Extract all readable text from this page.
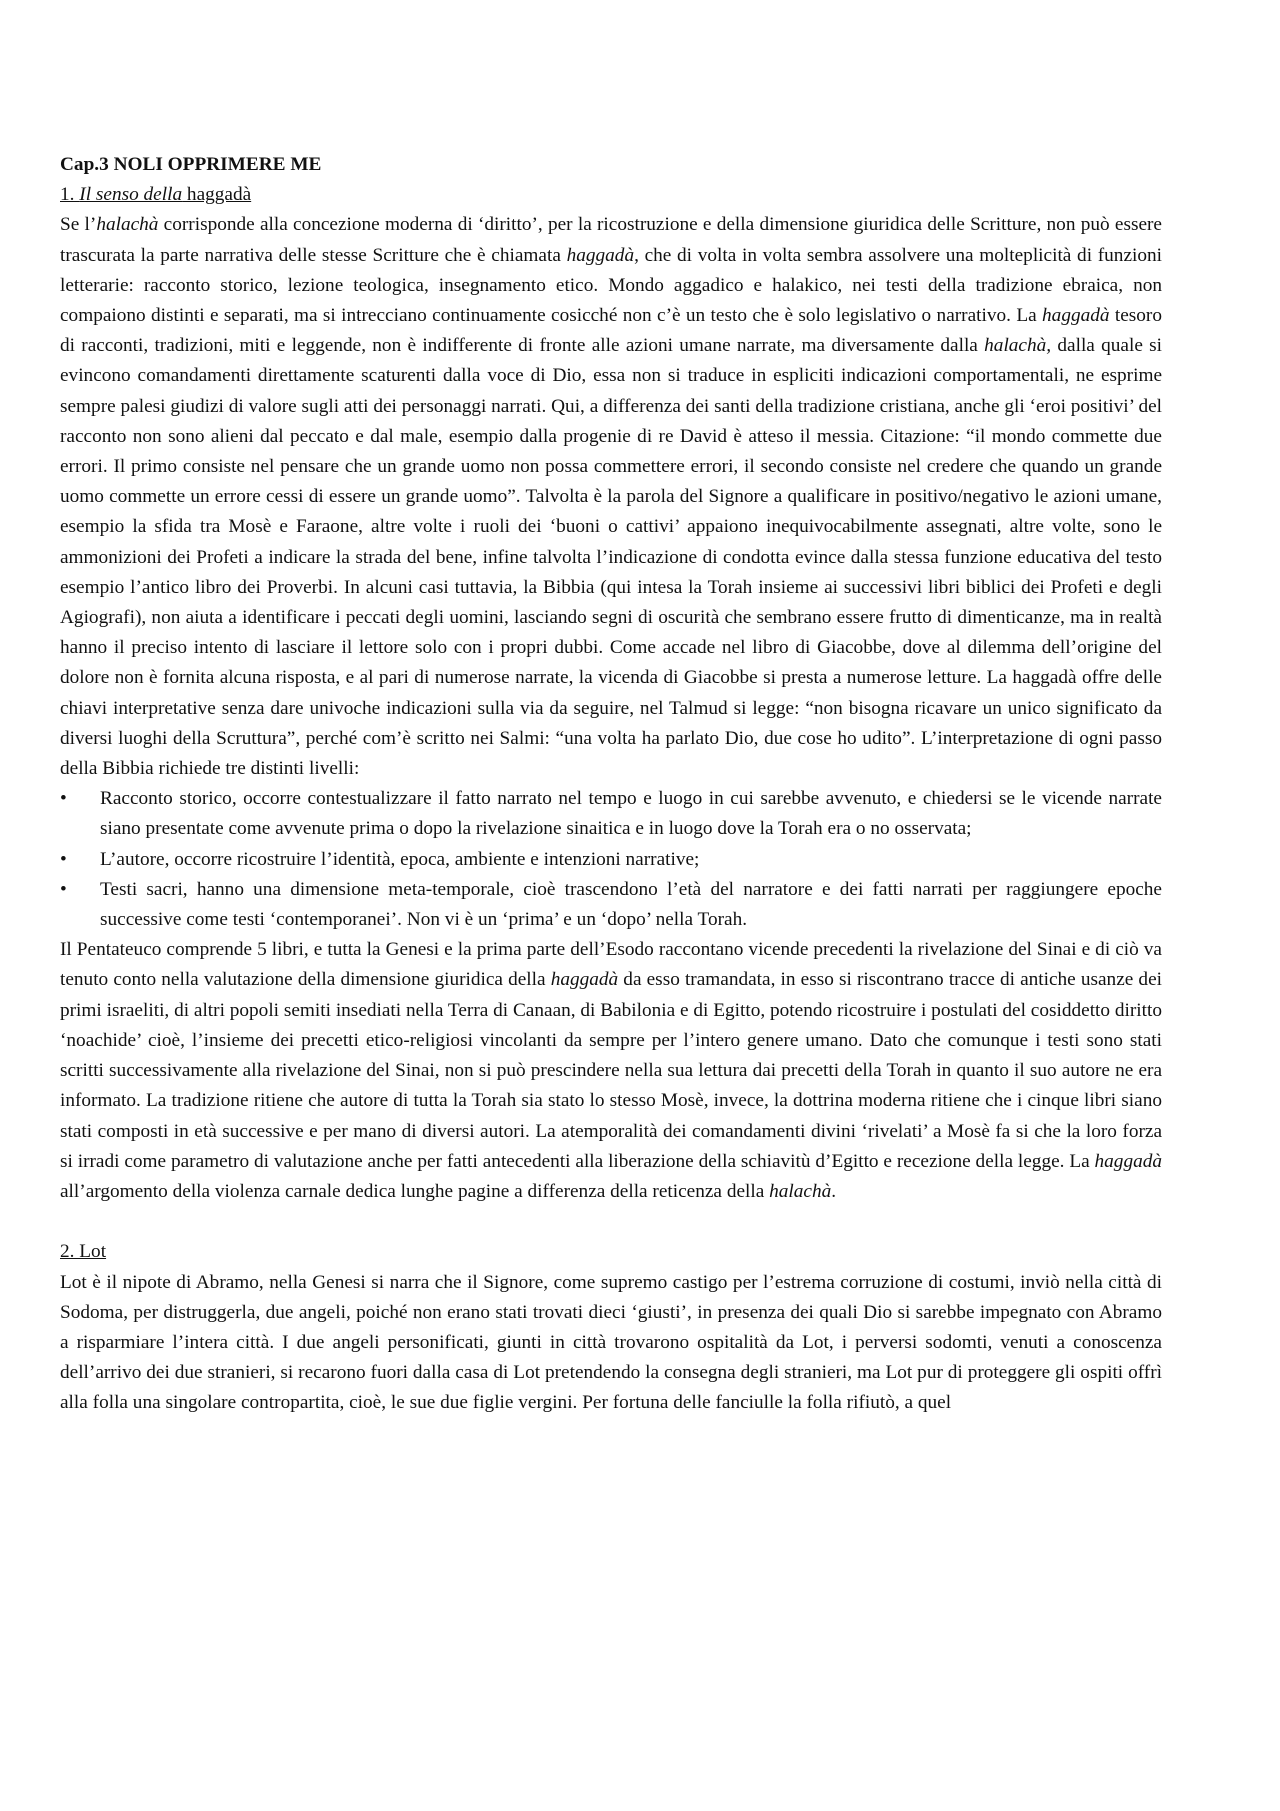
Cap.3 NOLI OPPRIMERE ME

1. Il senso della haggadà

Se l’halachà corrisponde alla concezione moderna di ‘diritto’, per la ricostruzione e della dimensione giuridica delle Scritture, non può essere trascurata la parte narrativa delle stesse Scritture che è chiamata haggadà, che di volta in volta sembra assolvere una molteplicità di funzioni letterarie: racconto storico, lezione teologica, insegnamento etico. Mondo aggadico e halakico, nei testi della tradizione ebraica, non compaiono distinti e separati, ma si intrecciano continuamente cosicché non c’è un testo che è solo legislativo o narrativo. La haggadà tesoro di racconti, tradizioni, miti e leggende, non è indifferente di fronte alle azioni umane narrate, ma diversamente dalla halachà, dalla quale si evincono comandamenti direttamente scaturenti dalla voce di Dio, essa non si traduce in espliciti indicazioni comportamentali, ne esprime sempre palesi giudizi di valore sugli atti dei personaggi narrati. Qui, a differenza dei santi della tradizione cristiana, anche gli ‘eroi positivi’ del racconto non sono alieni dal peccato e dal male, esempio dalla progenie di re David è atteso il messia. Citazione: “il mondo commette due errori. Il primo consiste nel pensare che un grande uomo non possa commettere errori, il secondo consiste nel credere che quando un grande uomo commette un errore cessi di essere un grande uomo”. Talvolta è la parola del Signore a qualificare in positivo/negativo le azioni umane, esempio la sfida tra Mosè e Faraone, altre volte i ruoli dei ‘buoni o cattivi’ appaiono inequivocabilmente assegnati, altre volte, sono le ammonizioni dei Profeti a indicare la strada del bene, infine talvolta l’indicazione di condotta evince dalla stessa funzione educativa del testo esempio l’antico libro dei Proverbi. In alcuni casi tuttavia, la Bibbia (qui intesa la Torah insieme ai successivi libri biblici dei Profeti e degli Agiografi), non aiuta a identificare i peccati degli uomini, lasciando segni di oscurità che sembrano essere frutto di dimenticanze, ma in realtà hanno il preciso intento di lasciare il lettore solo con i propri dubbi. Come accade nel libro di Giacobbe, dove al dilemma dell’origine del dolore non è fornita alcuna risposta, e al pari di numerose narrate, la vicenda di Giacobbe si presta a numerose letture. La haggadà offre delle chiavi interpretative senza dare univoche indicazioni sulla via da seguire, nel Talmud si legge: “non bisogna ricavare un unico significato da diversi luoghi della Scruttura”, perché com’è scritto nei Salmi: “una volta ha parlato Dio, due cose ho udito”. L’interpretazione di ogni passo della Bibbia richiede tre distinti livelli:

• Racconto storico, occorre contestualizzare il fatto narrato nel tempo e luogo in cui sarebbe avvenuto, e chiedersi se le vicende narrate siano presentate come avvenute prima o dopo la rivelazione sinaitica e in luogo dove la Torah era o no osservata;
• L’autore, occorre ricostruire l’identità, epoca, ambiente e intenzioni narrative;
• Testi sacri, hanno una dimensione meta-temporale, cioè trascendono l’età del narratore e dei fatti narrati per raggiungere epoche successive come testi ‘contemporanei’. Non vi è un ‘prima’ e un ‘dopo’ nella Torah.

Il Pentateuco comprende 5 libri, e tutta la Genesi e la prima parte dell’Esodo raccontano vicende precedenti la rivelazione del Sinai e di ciò va tenuto conto nella valutazione della dimensione giuridica della haggadà da esso tramandata, in esso si riscontrano tracce di antiche usanze dei primi israeliti, di altri popoli semiti insediati nella Terra di Canaan, di Babilonia e di Egitto, potendo ricostruire i postulati del cosiddetto diritto ‘noachide’ cioè, l’insieme dei precetti etico-religiosi vincolanti da sempre per l’intero genere umano. Dato che comunque i testi sono stati scritti successivamente alla rivelazione del Sinai, non si può prescindere nella sua lettura dai precetti della Torah in quanto il suo autore ne era informato. La tradizione ritiene che autore di tutta la Torah sia stato lo stesso Mosè, invece, la dottrina moderna ritiene che i cinque libri siano stati composti in età successive e per mano di diversi autori. La atemporalità dei comandamenti divini ‘rivelati’ a Mosè fa si che la loro forza si irradi come parametro di valutazione anche per fatti antecedenti alla liberazione della schiavitù d’Egitto e recezione della legge. La haggadà all’argomento della violenza carnale dedica lunghe pagine a differenza della reticenza della halachà.

2. Lot

Lot è il nipote di Abramo, nella Genesi si narra che il Signore, come supremo castigo per l’estrema corruzione di costumi, inviò nella città di Sodoma, per distruggerla, due angeli, poiché non erano stati trovati dieci ‘giusti’, in presenza dei quali Dio si sarebbe impegnato con Abramo a risparmiare l’intera città. I due angeli personificati, giunti in città trovarono ospitalità da Lot, i perversi sodomti, venuti a conoscenza dell’arrivo dei due stranieri, si recarono fuori dalla casa di Lot pretendendo la consegna degli stranieri, ma Lot pur di proteggere gli ospiti offrì alla folla una singolare contropartita, cioè, le sue due figlie vergini. Per fortuna delle fanciulle la folla rifiutò, a quel
